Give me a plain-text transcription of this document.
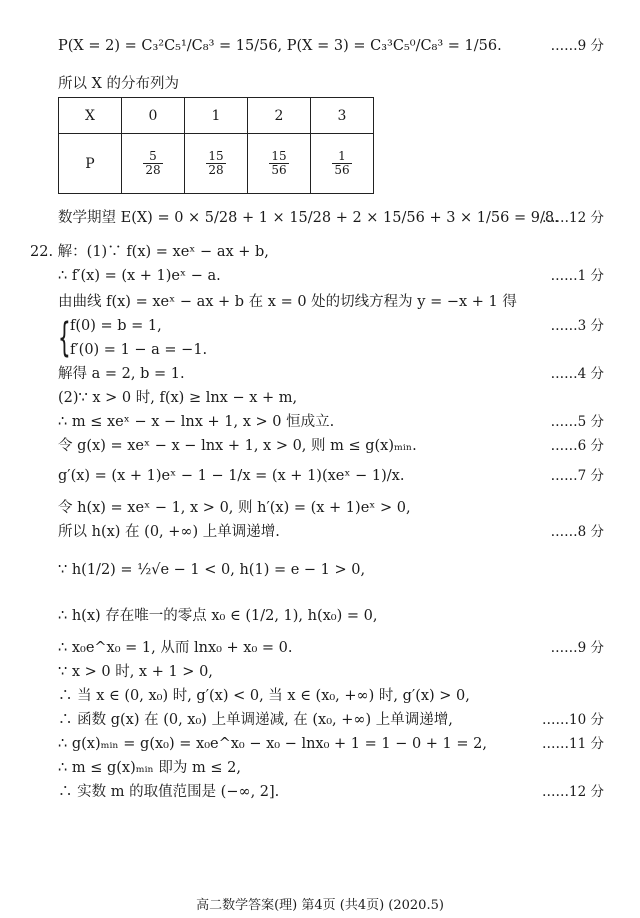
P(X = 2) = C₃²C₅¹/C₈³ = 15/56, P(X = 3) = C₃³C₅⁰/C₈³ = 1/56.	……9 分
所以 X 的分布列为
数学期望 E(X) = 0 × 5/28 + 1 × 15/28 + 2 × 15/56 + 3 × 1/56 = 9/8.
……12 分
22. 解：(1)∵ f(x) = xeˣ − ax + b,
∴ f′(x) = (x + 1)eˣ − a.	……1 分
由曲线 f(x) = xeˣ − ax + b 在 x = 0 处的切线方程为 y = −x + 1 得
f(0) = b = 1,	……3 分
f′(0) = 1 − a = −1.
解得 a = 2, b = 1.	……4 分
(2)∵ x > 0 时, f(x) ≥ lnx − x + m,
∴ m ≤ xeˣ − x − lnx + 1, x > 0 恒成立.	……5 分
令 g(x) = xeˣ − x − lnx + 1, x > 0, 则 m ≤ g(x)ₘᵢₙ.	……6 分
g′(x) = (x + 1)eˣ − 1 − 1/x = (x + 1)(xeˣ − 1)/x.	……7 分
令 h(x) = xeˣ − 1, x > 0, 则 h′(x) = (x + 1)eˣ > 0,
所以 h(x) 在 (0, +∞) 上单调递增.	……8 分
∵ h(1/2) = ½√e − 1 < 0, h(1) = e − 1 > 0,
∴ h(x) 存在唯一的零点 x₀ ∈ (1/2, 1), h(x₀) = 0,
∴ x₀e^x₀ = 1, 从而 lnx₀ + x₀ = 0.	……9 分
∵ x > 0 时, x + 1 > 0,
∴ 当 x ∈ (0, x₀) 时, g′(x) < 0, 当 x ∈ (x₀, +∞) 时, g′(x) > 0,
∴ 函数 g(x) 在 (0, x₀) 上单调递减, 在 (x₀, +∞) 上单调递增,	……10 分
∴ g(x)ₘᵢₙ = g(x₀) = x₀e^x₀ − x₀ − lnx₀ + 1 = 1 − 0 + 1 = 2,	……11 分
∴ m ≤ g(x)ₘᵢₙ 即为 m ≤ 2,
∴ 实数 m 的取值范围是 (−∞, 2].	……12 分
X	0	1	2	3
P	$\frac{5}{28}$	$\frac{15}{28}$	$\frac{15}{56}$	$\frac{1}{56}$
{
高二数学答案(理) 第4页 (共4页) (2020.5)
